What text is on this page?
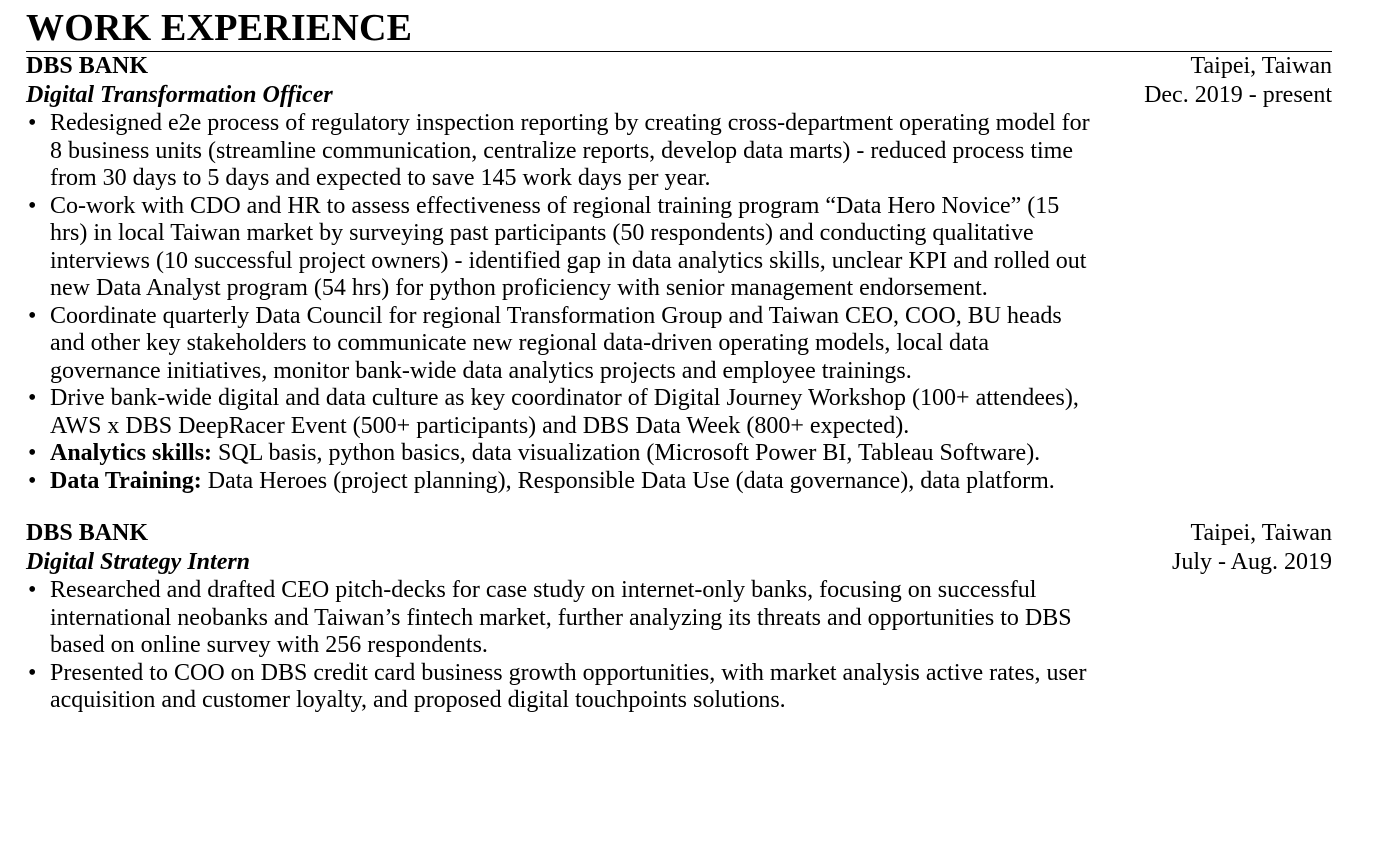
WORK EXPERIENCE
DBS BANK	Taipei, Taiwan
Digital Transformation Officer	Dec. 2019 - present
• Redesigned e2e process of regulatory inspection reporting by creating cross-department operating model for
8 business units (streamline communication, centralize reports, develop data marts) - reduced process time
from 30 days to 5 days and expected to save 145 work days per year.
• Co-work with CDO and HR to assess effectiveness of regional training program “Data Hero Novice” (15
hrs) in local Taiwan market by surveying past participants (50 respondents) and conducting qualitative
interviews (10 successful project owners) - identified gap in data analytics skills, unclear KPI and rolled out
new Data Analyst program (54 hrs) for python proficiency with senior management endorsement.
• Coordinate quarterly Data Council for regional Transformation Group and Taiwan CEO, COO, BU heads
and other key stakeholders to communicate new regional data-driven operating models, local data
governance initiatives, monitor bank-wide data analytics projects and employee trainings.
• Drive bank-wide digital and data culture as key coordinator of Digital Journey Workshop (100+ attendees),
AWS x DBS DeepRacer Event (500+ participants) and DBS Data Week (800+ expected).
• Analytics skills: SQL basis, python basics, data visualization (Microsoft Power BI, Tableau Software).
• Data Training: Data Heroes (project planning), Responsible Data Use (data governance), data platform.
DBS BANK	Taipei, Taiwan
Digital Strategy Intern	July - Aug. 2019
• Researched and drafted CEO pitch-decks for case study on internet-only banks, focusing on successful
international neobanks and Taiwan’s fintech market, further analyzing its threats and opportunities to DBS
based on online survey with 256 respondents.
• Presented to COO on DBS credit card business growth opportunities, with market analysis active rates, user
acquisition and customer loyalty, and proposed digital touchpoints solutions.
